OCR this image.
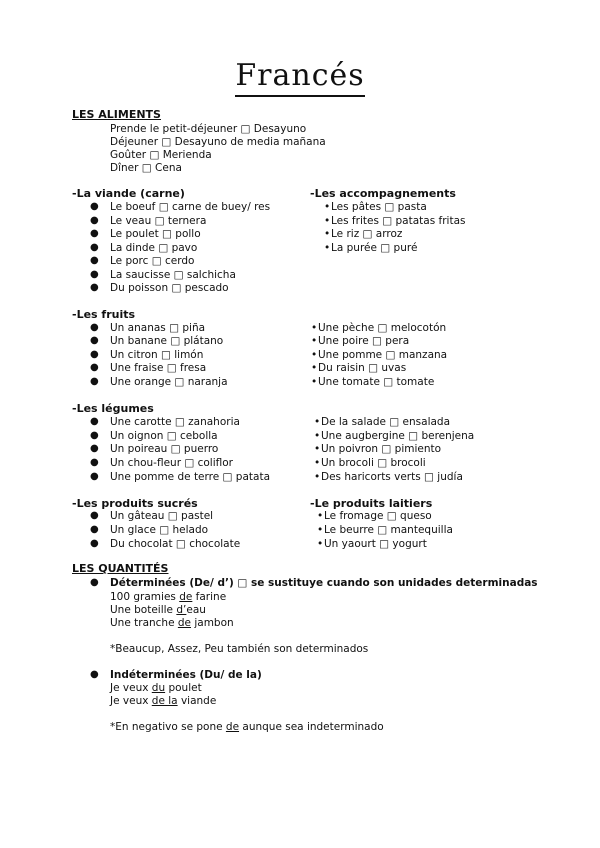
Francés
LES ALIMENTS
Prende le petit-déjeuner □ Desayuno
Déjeuner □ Desayuno de media mañana
Goûter □ Merienda
Dîner □ Cena
-La viande (carne)
● Le boeuf □ carne de buey/ res
● Le veau □ ternera
● Le poulet □ pollo
● La dinde □ pavo
● Le porc □ cerdo
● La saucisse □ salchicha
● Du poisson □ pescado
-Les accompagnements
• Les pâtes □ pasta
• Les frites □ patatas fritas
• Le riz □ arroz
• La purée □ puré
-Les fruits
● Un ananas □ piña
● Un banane □ plátano
● Un citron □ limón
● Une fraise □ fresa
● Une orange □ naranja
• Une pèche □ melocotón
• Une poire □ pera
• Une pomme □ manzana
• Du raisin □ uvas
• Une tomate □ tomate
-Les légumes
● Une carotte □ zanahoria
● Un oignon □ cebolla
● Un poireau □ puerro
● Un chou-fleur □ coliflor
● Une pomme de terre □ patata
• De la salade □ ensalada
• Une augbergine □ berenjena
• Un poivron □ pimiento
• Un brocoli □ brocoli
• Des haricorts verts □ judía
-Les produits sucrés
● Un gâteau □ pastel
● Un glace □ helado
● Du chocolat □ chocolate
-Le produits laitiers
• Le fromage □ queso
• Le beurre □ mantequilla
• Un yaourt □ yogurt
LES QUANTITÉS
● Déterminées (De/ d’) □ se sustituye cuando son unidades determinadas
100 gramies de farine
Une boteille d’eau
Une tranche de jambon
*Beaucup, Assez, Peu también son determinados
● Indéterminées (Du/ de la)
Je veux du poulet
Je veux de la viande
*En negativo se pone de aunque sea indeterminado
